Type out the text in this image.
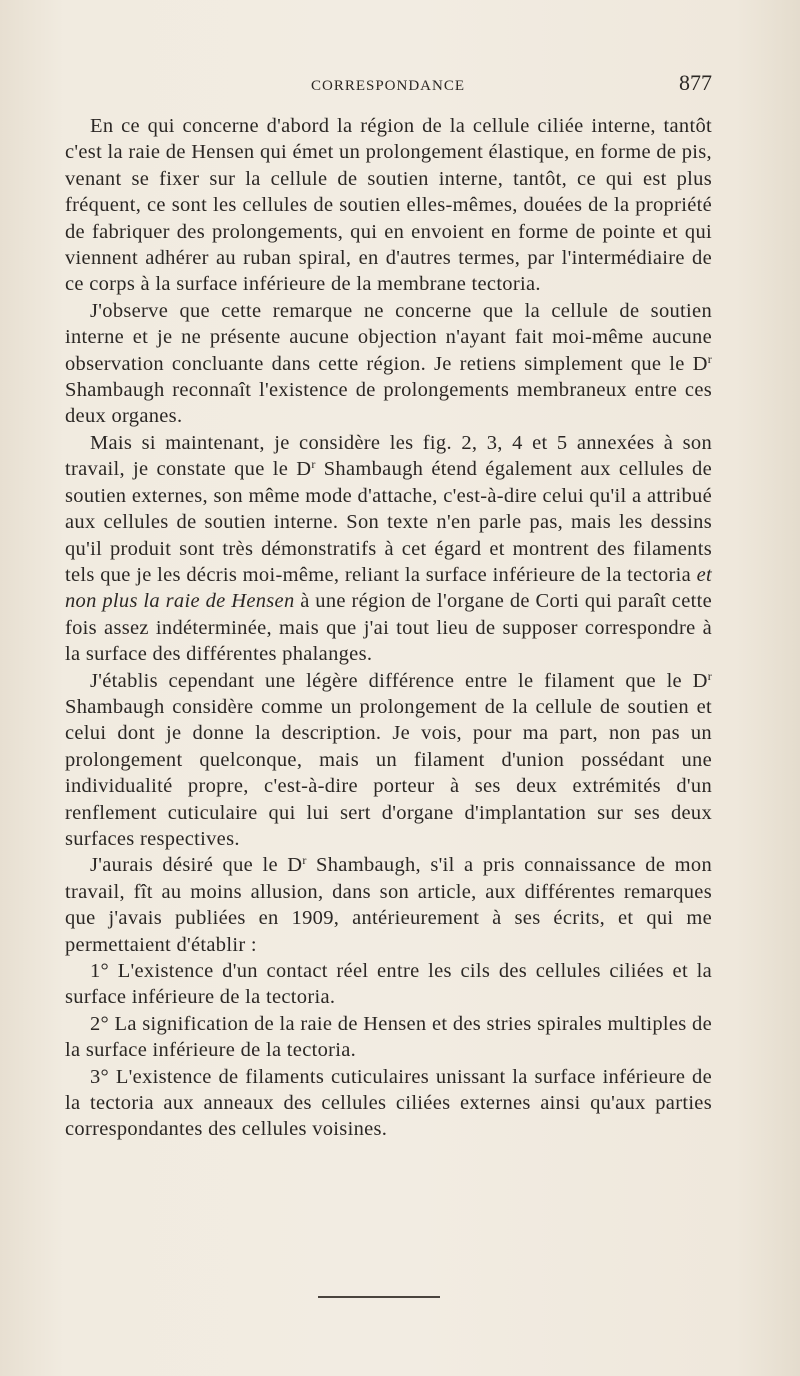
CORRESPONDANCE	877

En ce qui concerne d'abord la région de la cellule ciliée interne, tantôt c'est la raie de Hensen qui émet un prolongement élastique, en forme de pis, venant se fixer sur la cellule de soutien interne, tantôt, ce qui est plus fréquent, ce sont les cellules de soutien elles-mêmes, douées de la propriété de fabriquer des prolongements, qui en envoient en forme de pointe et qui viennent adhérer au ruban spiral, en d'autres termes, par l'intermédiaire de ce corps à la surface inférieure de la membrane tectoria.

J'observe que cette remarque ne concerne que la cellule de soutien interne et je ne présente aucune objection n'ayant fait moi-même aucune observation concluante dans cette région. Je retiens simplement que le $D^r$ Shambaugh reconnaît l'existence de prolongements membraneux entre ces deux organes.

Mais si maintenant, je considère les fig. 2, 3, 4 et 5 annexées à son travail, je constate que le $D^r$ Shambaugh étend également aux cellules de soutien externes, son même mode d'attache, c'est-à-dire celui qu'il a attribué aux cellules de soutien interne. Son texte n'en parle pas, mais les dessins qu'il produit sont très démonstratifs à cet égard et montrent des filaments tels que je les décris moi-même, reliant la surface inférieure de la tectoria et non plus la raie de Hensen à une région de l'organe de Corti qui paraît cette fois assez indéterminée, mais que j'ai tout lieu de supposer correspondre à la surface des différentes phalanges.

J'établis cependant une légère différence entre le filament que le $D^r$ Shambaugh considère comme un prolongement de la cellule de soutien et celui dont je donne la description. Je vois, pour ma part, non pas un prolongement quelconque, mais un filament d'union possédant une individualité propre, c'est-à-dire porteur à ses deux extrémités d'un renflement cuticulaire qui lui sert d'organe d'implantation sur ses deux surfaces respectives.

J'aurais désiré que le $D^r$ Shambaugh, s'il a pris connaissance de mon travail, fît au moins allusion, dans son article, aux différentes remarques que j'avais publiées en 1909, antérieurement à ses écrits, et qui me permettaient d'établir :

1° L'existence d'un contact réel entre les cils des cellules ciliées et la surface inférieure de la tectoria.

2° La signification de la raie de Hensen et des stries spirales multiples de la surface inférieure de la tectoria.

3° L'existence de filaments cuticulaires unissant la surface inférieure de la tectoria aux anneaux des cellules ciliées externes ainsi qu'aux parties correspondantes des cellules voisines.
